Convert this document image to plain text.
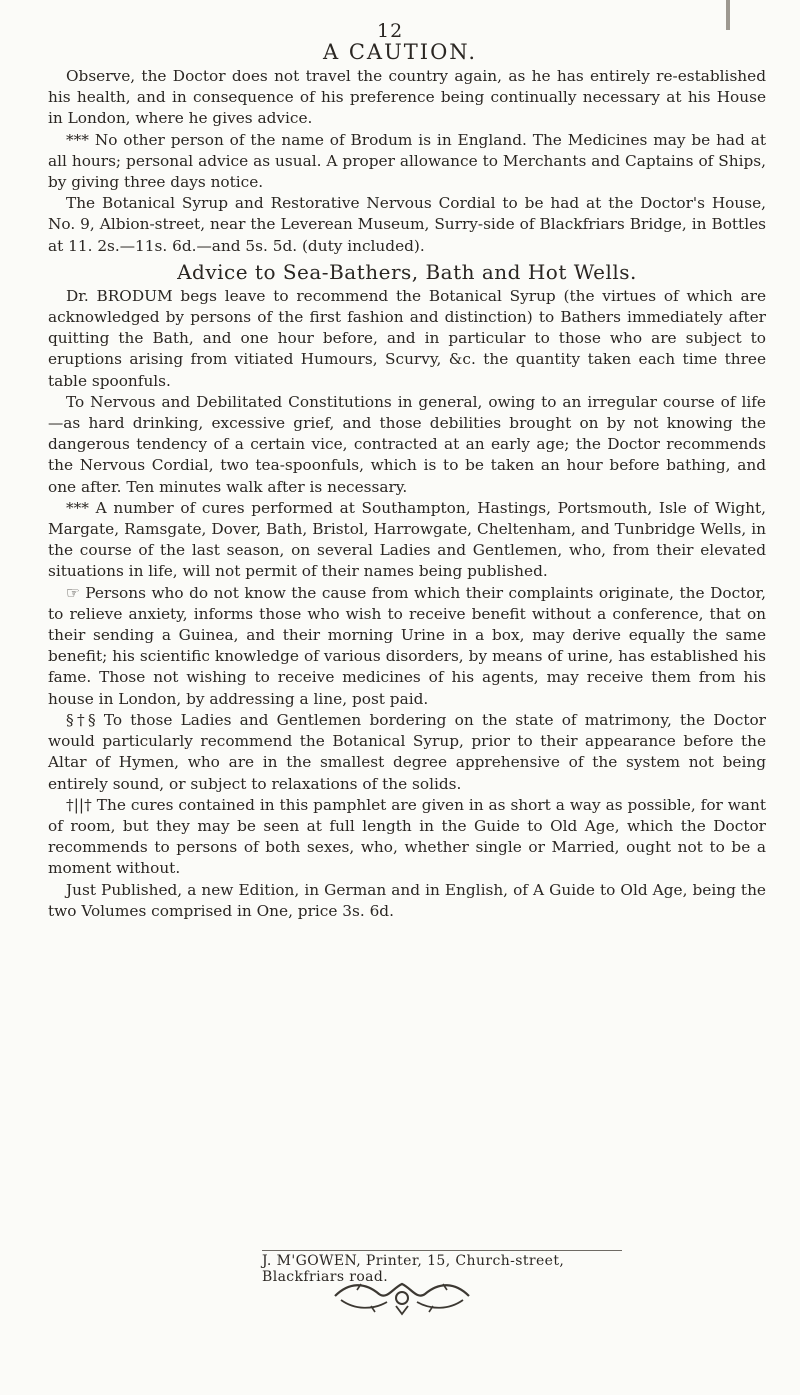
12
A CAUTION.

Observe, the Doctor does not travel the country again, as he has entirely re-established his health, and in consequence of his preference being continually necessary at his House in London, where he gives advice.

*** No other person of the name of Brodum is in England. The Medicines may be had at all hours; personal advice as usual. A proper allowance to Merchants and Captains of Ships, by giving three days notice.

The Botanical Syrup and Restorative Nervous Cordial to be had at the Doctor's House, No. 9, Albion-street, near the Leverean Museum, Surry-side of Blackfriars Bridge, in Bottles at 11. 2s.—11s. 6d.—and 5s. 5d. (duty included).

Advice to Sea-Bathers, Bath and Hot Wells.

Dr. BRODUM begs leave to recommend the Botanical Syrup (the virtues of which are acknowledged by persons of the first fashion and distinction) to Bathers immediately after quitting the Bath, and one hour before, and in particular to those who are subject to eruptions arising from vitiated Humours, Scurvy, &c. the quantity taken each time three table spoonfuls.

To Nervous and Debilitated Constitutions in general, owing to an irregular course of life—as hard drinking, excessive grief, and those debilities brought on by not knowing the dangerous tendency of a certain vice, contracted at an early age; the Doctor recommends the Nervous Cordial, two tea-spoonfuls, which is to be taken an hour before bathing, and one after. Ten minutes walk after is necessary.

*** A number of cures performed at Southampton, Hastings, Portsmouth, Isle of Wight, Margate, Ramsgate, Dover, Bath, Bristol, Harrowgate, Cheltenham, and Tunbridge Wells, in the course of the last season, on several Ladies and Gentlemen, who, from their elevated situations in life, will not permit of their names being published.

☞ Persons who do not know the cause from which their complaints originate, the Doctor, to relieve anxiety, informs those who wish to receive benefit without a conference, that on their sending a Guinea, and their morning Urine in a box, may derive equally the same benefit; his scientific knowledge of various disorders, by means of urine, has established his fame. Those not wishing to receive medicines of his agents, may receive them from his house in London, by addressing a line, post paid.

§†§ To those Ladies and Gentlemen bordering on the state of matrimony, the Doctor would particularly recommend the Botanical Syrup, prior to their appearance before the Altar of Hymen, who are in the smallest degree apprehensive of the system not being entirely sound, or subject to relaxations of the solids.

†||† The cures contained in this pamphlet are given in as short a way as possible, for want of room, but they may be seen at full length in the Guide to Old Age, which the Doctor recommends to persons of both sexes, who, whether single or Married, ought not to be a moment without.

Just Published, a new Edition, in German and in English, of A Guide to Old Age, being the two Volumes comprised in One, price 3s. 6d.

J. M'GOWEN, Printer, 15, Church-street, Blackfriars road.
